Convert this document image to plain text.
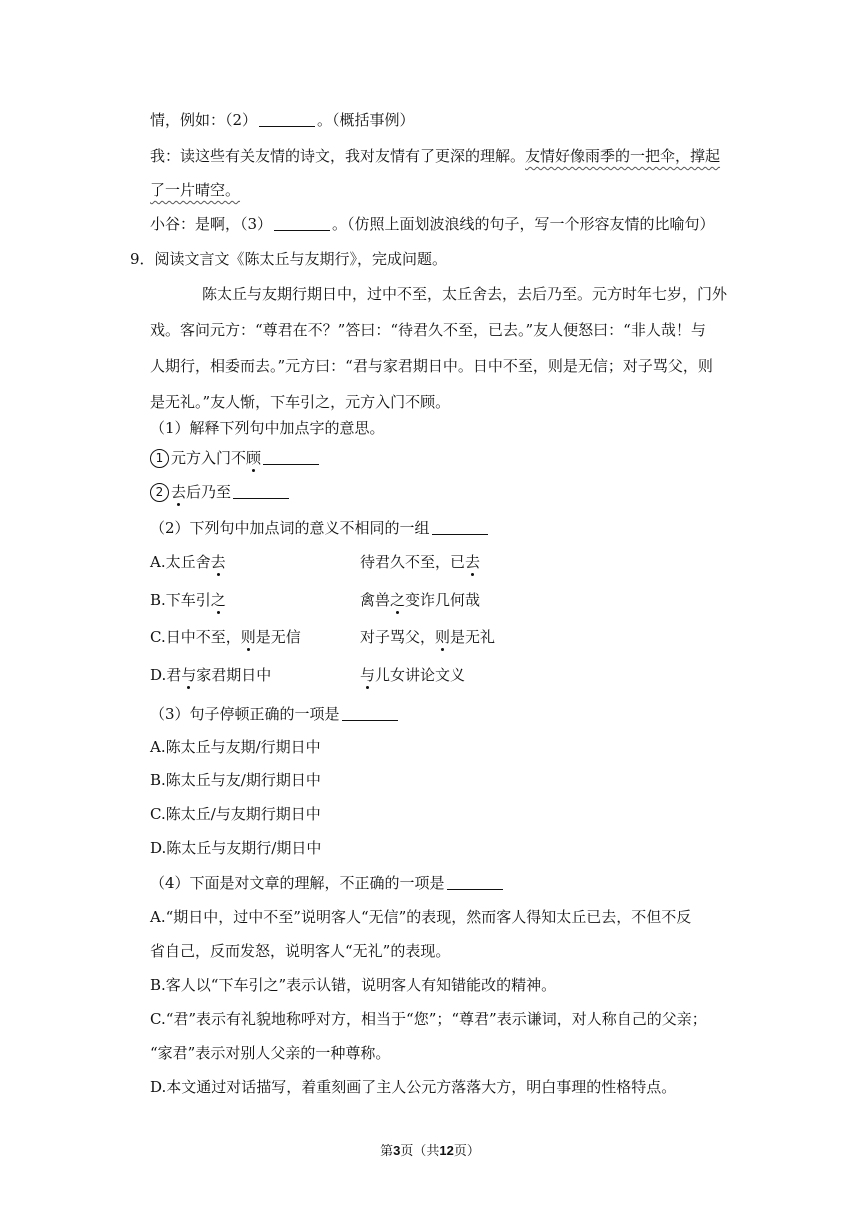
情，例如：（2）	。（概括事例）
我：读这些有关友情的诗文，我对友情有了更深的理解。友情好像雨季的一把伞，撑起
了一片晴空。
小谷：是啊，（3）	。（仿照上面划波浪线的句子，写一个形容友情的比喻句）
9．阅读文言文《陈太丘与友期行》，完成问题。
陈太丘与友期行期日中，过中不至，太丘舍去，去后乃至。元方时年七岁，门外
戏。客问元方：“尊君在不？”答曰：“待君久不至，已去。”友人便怒曰：“非人哉！与
人期行，相委而去。”元方曰：“君与家君期日中。日中不至，则是无信；对子骂父，则
是无礼。”友人惭，下车引之，元方入门不顾。
（1）解释下列句中加点字的意思。
1 元方入门不顾
2 去后乃至
（2）下列句中加点词的意义不相同的一组
A.太丘舍去	待君久不至，已去
B.下车引之	禽兽之变诈几何哉
C.日中不至，则是无信	对子骂父，则是无礼
D.君与家君期日中	与儿女讲论文义
（3）句子停顿正确的一项是
A.陈太丘与友期/行期日中
B.陈太丘与友/期行期日中
C.陈太丘/与友期行期日中
D.陈太丘与友期行/期日中
（4）下面是对文章的理解，不正确的一项是
A.“期日中，过中不至”说明客人“无信”的表现，然而客人得知太丘已去，不但不反
省自己，反而发怒，说明客人“无礼”的表现。
B.客人以“下车引之”表示认错，说明客人有知错能改的精神。
C.“君”表示有礼貌地称呼对方，相当于“您”；“尊君”表示谦词，对人称自己的父亲；
“家君”表示对别人父亲的一种尊称。
D.本文通过对话描写，着重刻画了主人公元方落落大方，明白事理的性格特点。
第3页（共12页）
